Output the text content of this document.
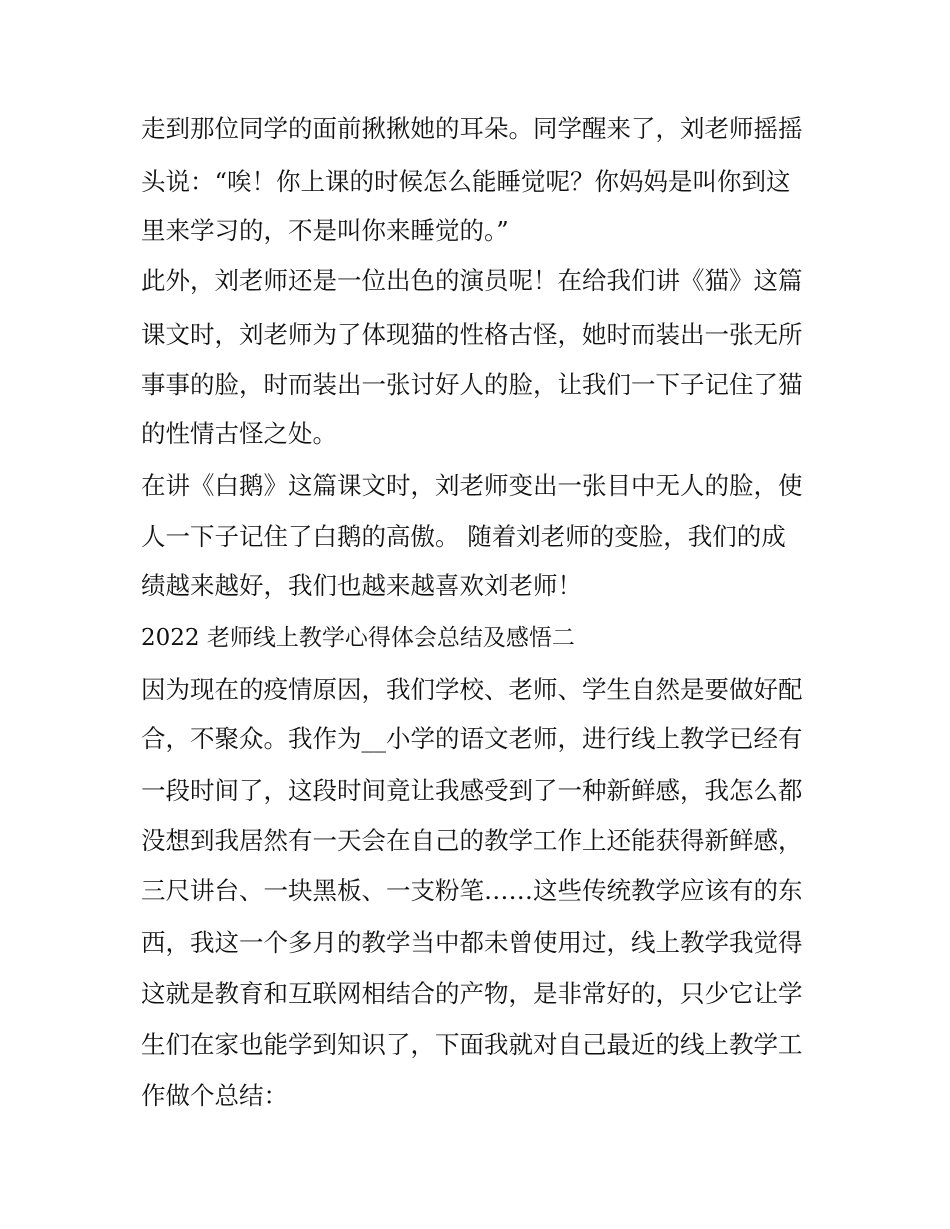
走到那位同学的面前揪揪她的耳朵。同学醒来了，刘老师摇摇
头说：“唉！你上课的时候怎么能睡觉呢？你妈妈是叫你到这
里来学习的，不是叫你来睡觉的。”
此外，刘老师还是一位出色的演员呢！在给我们讲《猫》这篇
课文时，刘老师为了体现猫的性格古怪，她时而装出一张无所
事事的脸，时而装出一张讨好人的脸，让我们一下子记住了猫
的性情古怪之处。
在讲《白鹅》这篇课文时，刘老师变出一张目中无人的脸，使
人一下子记住了白鹅的高傲。 随着刘老师的变脸，我们的成
绩越来越好，我们也越来越喜欢刘老师！
2022 老师线上教学心得体会总结及感悟二
因为现在的疫情原因，我们学校、老师、学生自然是要做好配
合，不聚众。我作为__小学的语文老师，进行线上教学已经有
一段时间了，这段时间竟让我感受到了一种新鲜感，我怎么都
没想到我居然有一天会在自己的教学工作上还能获得新鲜感，
三尺讲台、一块黑板、一支粉笔……这些传统教学应该有的东
西，我这一个多月的教学当中都未曾使用过，线上教学我觉得
这就是教育和互联网相结合的产物，是非常好的，只少它让学
生们在家也能学到知识了，下面我就对自己最近的线上教学工
作做个总结：
